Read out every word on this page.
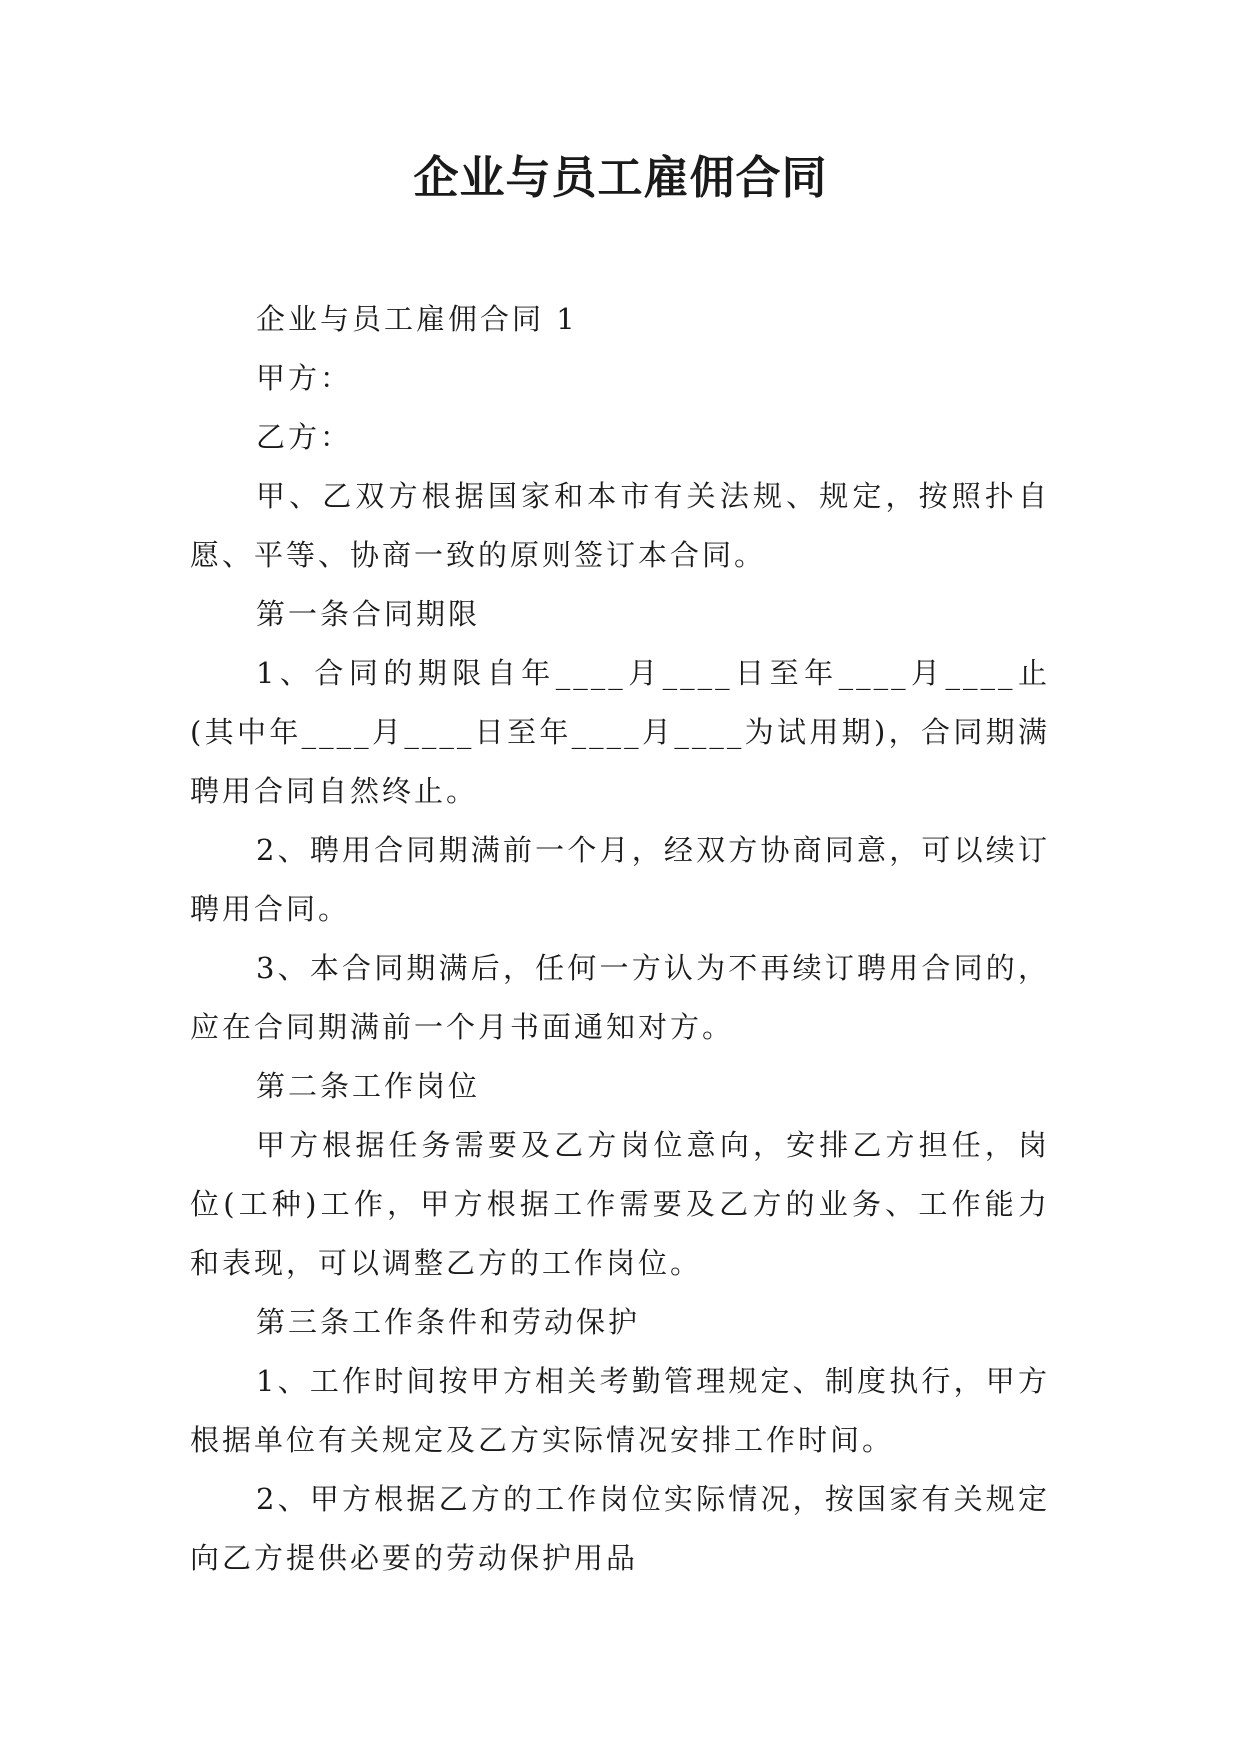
企业与员工雇佣合同

企业与员工雇佣合同 1

甲方：

乙方：

甲、乙双方根据国家和本市有关法规、规定，按照扑自愿、平等、协商一致的原则签订本合同。

第一条合同期限

1、合同的期限自年____月____日至年____月____止(其中年____月____日至年____月____为试用期)，合同期满聘用合同自然终止。

2、聘用合同期满前一个月，经双方协商同意，可以续订聘用合同。

3、本合同期满后，任何一方认为不再续订聘用合同的，应在合同期满前一个月书面通知对方。

第二条工作岗位

甲方根据任务需要及乙方岗位意向，安排乙方担任，岗位(工种)工作，甲方根据工作需要及乙方的业务、工作能力和表现，可以调整乙方的工作岗位。

第三条工作条件和劳动保护

1、工作时间按甲方相关考勤管理规定、制度执行，甲方根据单位有关规定及乙方实际情况安排工作时间。

2、甲方根据乙方的工作岗位实际情况，按国家有关规定向乙方提供必要的劳动保护用品
